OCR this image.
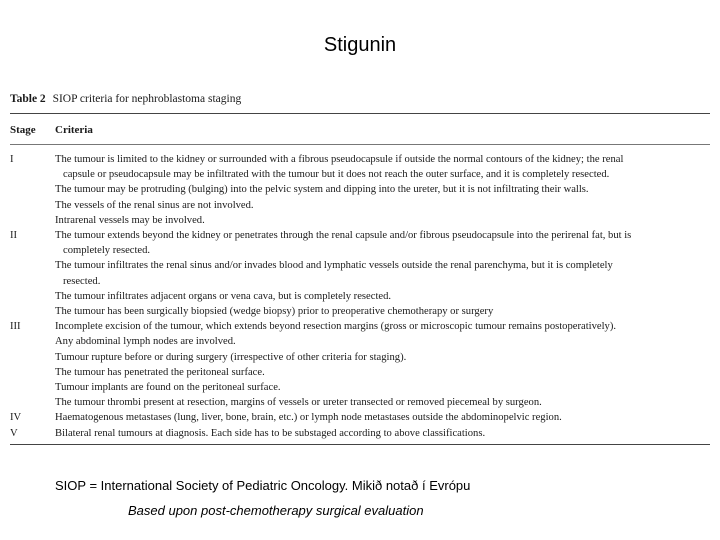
Stigunin
Table 2 SIOP criteria for nephroblastoma staging
Stage	Criteria
I	The tumour is limited to the kidney or surrounded with a fibrous pseudocapsule if outside the normal contours of the kidney; the renal
capsule or pseudocapsule may be infiltrated with the tumour but it does not reach the outer surface, and it is completely resected.
The tumour may be protruding (bulging) into the pelvic system and dipping into the ureter, but it is not infiltrating their walls.
The vessels of the renal sinus are not involved.
Intrarenal vessels may be involved.
II	The tumour extends beyond the kidney or penetrates through the renal capsule and/or fibrous pseudocapsule into the perirenal fat, but is
completely resected.
The tumour infiltrates the renal sinus and/or invades blood and lymphatic vessels outside the renal parenchyma, but it is completely
resected.
The tumour infiltrates adjacent organs or vena cava, but is completely resected.
The tumour has been surgically biopsied (wedge biopsy) prior to preoperative chemotherapy or surgery
III	Incomplete excision of the tumour, which extends beyond resection margins (gross or microscopic tumour remains postoperatively).
Any abdominal lymph nodes are involved.
Tumour rupture before or during surgery (irrespective of other criteria for staging).
The tumour has penetrated the peritoneal surface.
Tumour implants are found on the peritoneal surface.
The tumour thrombi present at resection, margins of vessels or ureter transected or removed piecemeal by surgeon.
IV	Haematogenous metastases (lung, liver, bone, brain, etc.) or lymph node metastases outside the abdominopelvic region.
V	Bilateral renal tumours at diagnosis. Each side has to be substaged according to above classifications.
SIOP = International Society of Pediatric Oncology. Mikið notað í Evrópu
Based upon post-chemotherapy surgical evaluation
